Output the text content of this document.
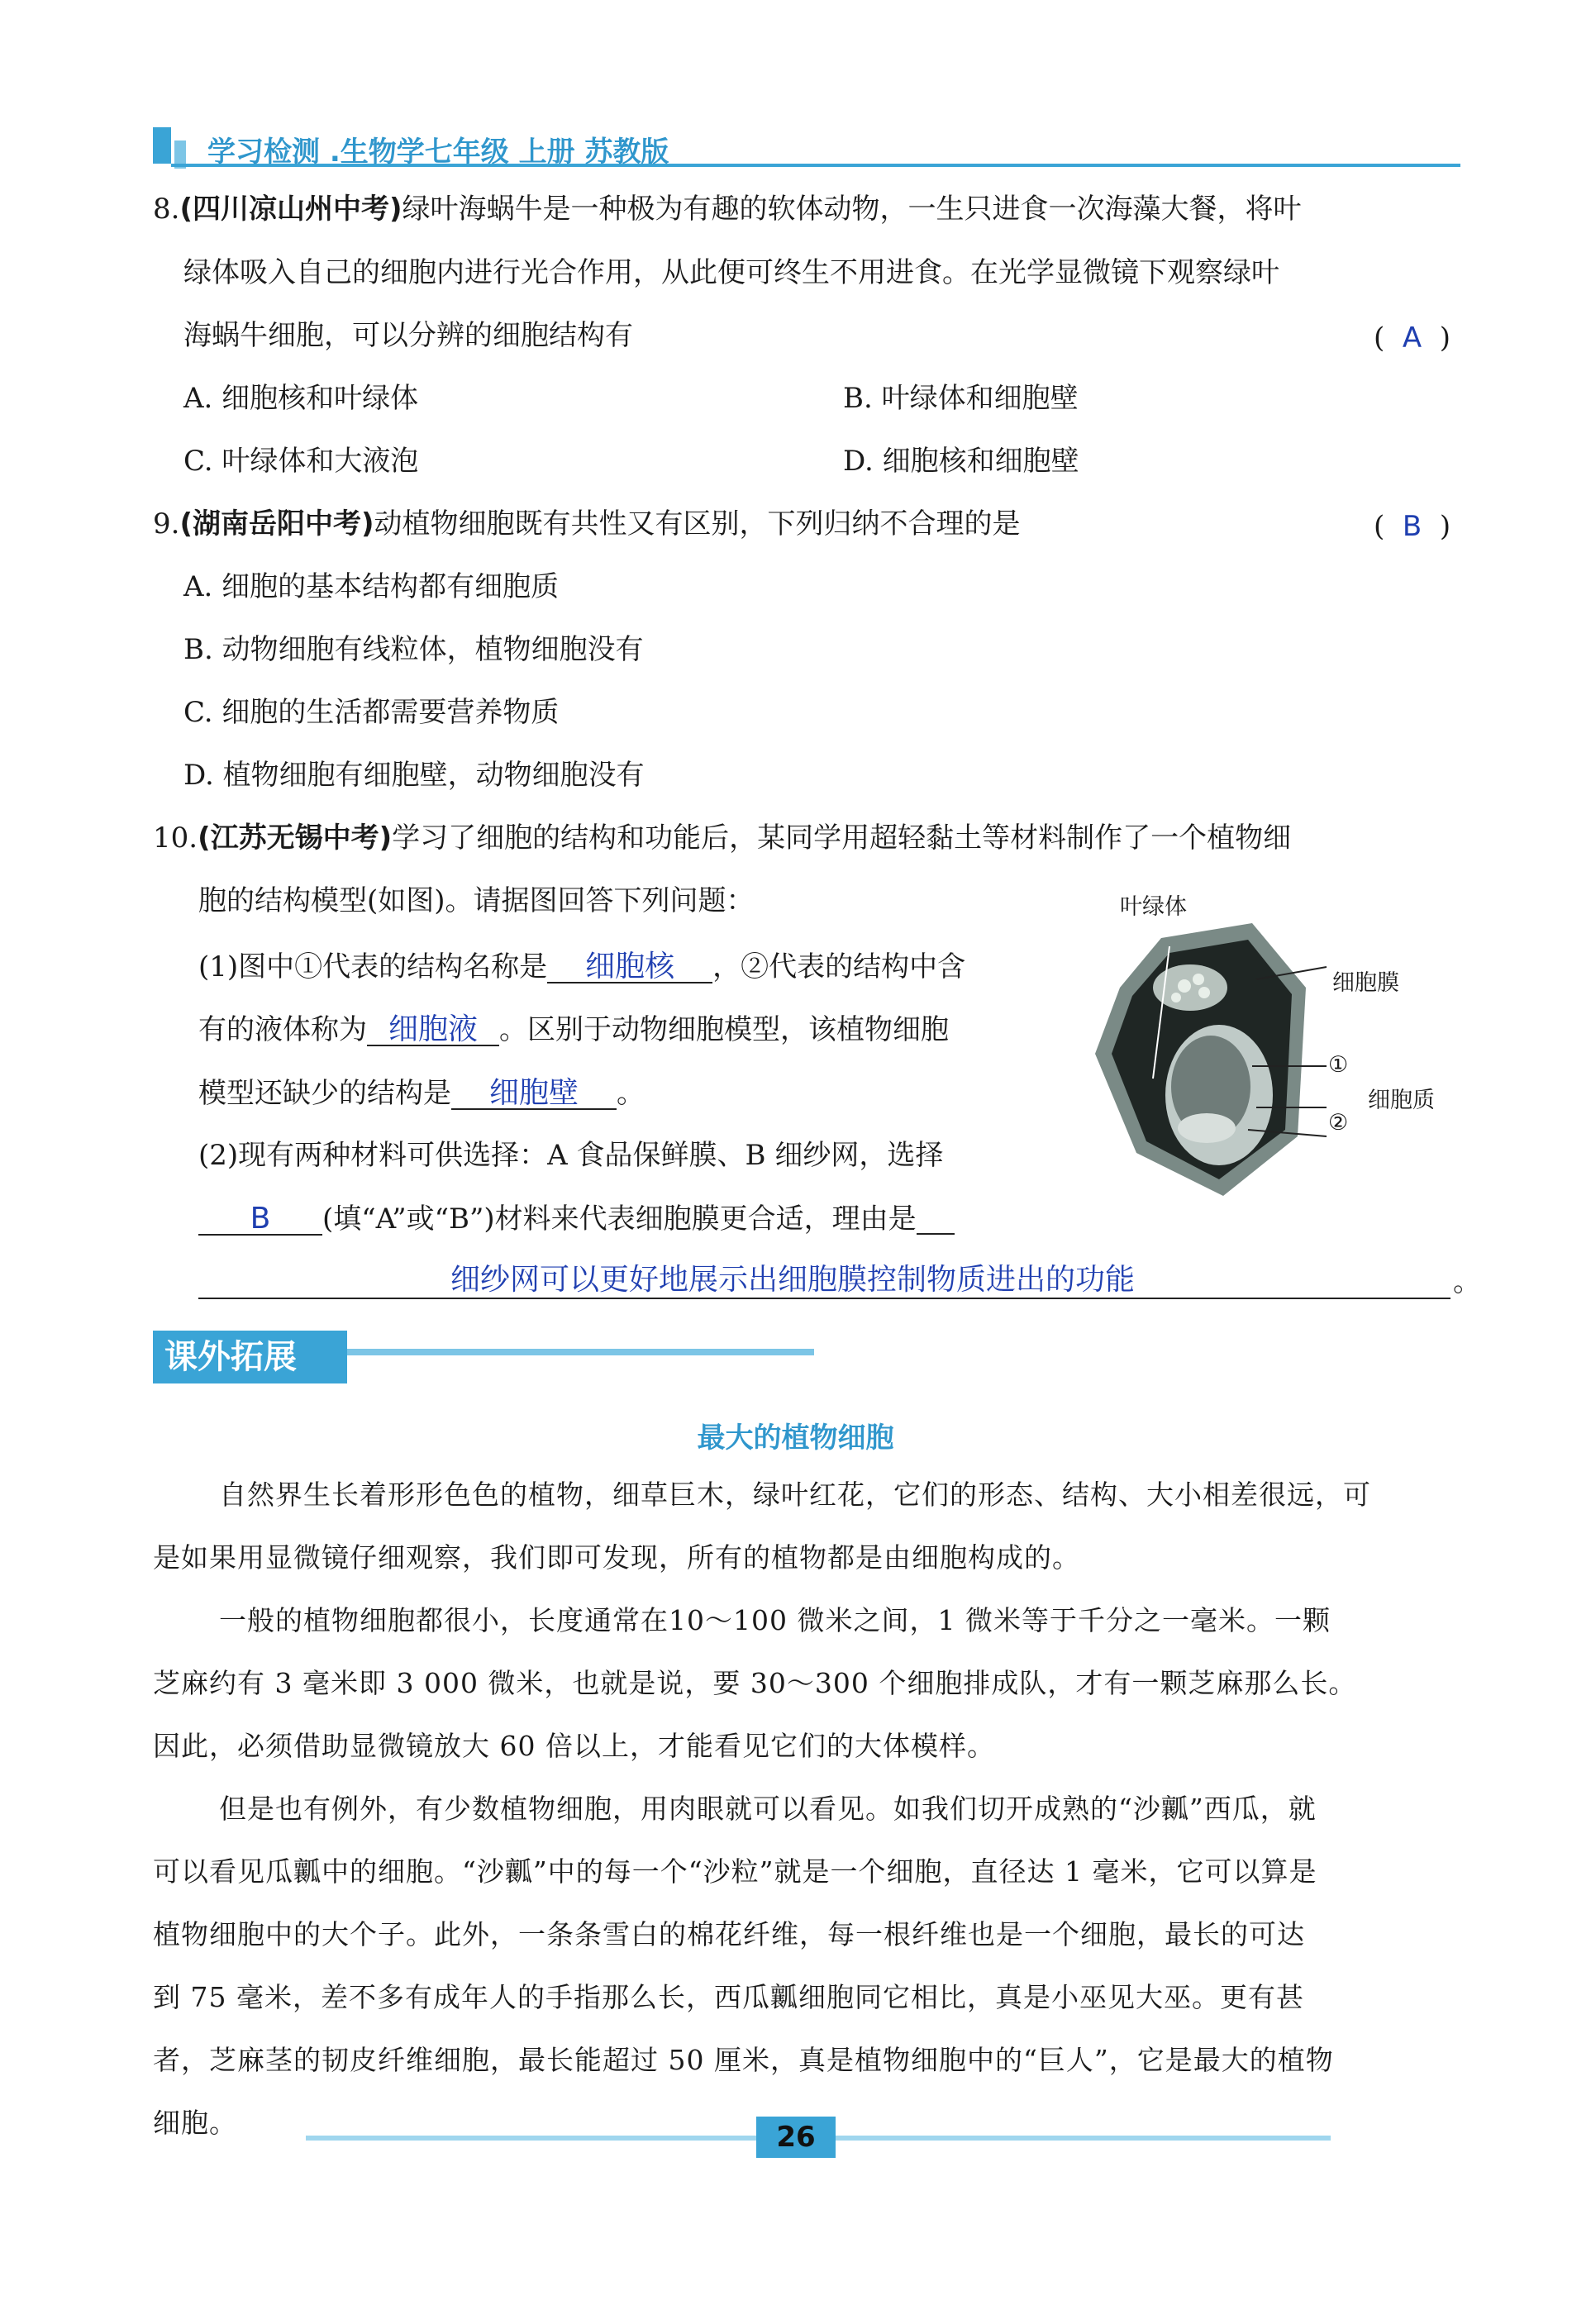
学习检测 .生物学七年级 上册 苏教版
8.(四川凉山州中考)绿叶海蜗牛是一种极为有趣的软体动物，一生只进食一次海藻大餐，将叶
绿体吸入自己的细胞内进行光合作用，从此便可终生不用进食。在光学显微镜下观察绿叶
海蜗牛细胞，可以分辨的细胞结构有	(  A  )
A. 细胞核和叶绿体	B. 叶绿体和细胞壁
C. 叶绿体和大液泡	D. 细胞核和细胞壁
9.(湖南岳阳中考)动植物细胞既有共性又有区别，下列归纳不合理的是	(  B  )
A. 细胞的基本结构都有细胞质
B. 动物细胞有线粒体，植物细胞没有
C. 细胞的生活都需要营养物质
D. 植物细胞有细胞壁，动物细胞没有
10.(江苏无锡中考)学习了细胞的结构和功能后，某同学用超轻黏土等材料制作了一个植物细
胞的结构模型(如图)。请据图回答下列问题：
(1)图中①代表的结构名称是 细胞核 ，②代表的结构中含
有的液体称为 细胞液 。区别于动物细胞模型，该植物细胞
模型还缺少的结构是 细胞壁 。
(2)现有两种材料可供选择：A 食品保鲜膜、B 细纱网，选择
B (填“A”或“B”)材料来代表细胞膜更合适，理由是
细纱网可以更好地展示出细胞膜控制物质进出的功能	。
叶绿体
细胞膜
①
细胞质
②
课外拓展
最大的植物细胞
自然界生长着形形色色的植物，细草巨木，绿叶红花，它们的形态、结构、大小相差很远，可
是如果用显微镜仔细观察，我们即可发现，所有的植物都是由细胞构成的。
一般的植物细胞都很小，长度通常在10～100 微米之间，1 微米等于千分之一毫米。一颗
芝麻约有 3 毫米即 3 000 微米，也就是说，要 30～300 个细胞排成队，才有一颗芝麻那么长。
因此，必须借助显微镜放大 60 倍以上，才能看见它们的大体模样。
但是也有例外，有少数植物细胞，用肉眼就可以看见。如我们切开成熟的“沙瓤”西瓜，就
可以看见瓜瓤中的细胞。“沙瓤”中的每一个“沙粒”就是一个细胞，直径达 1 毫米，它可以算是
植物细胞中的大个子。此外，一条条雪白的棉花纤维，每一根纤维也是一个细胞，最长的可达
到 75 毫米，差不多有成年人的手指那么长，西瓜瓤细胞同它相比，真是小巫见大巫。更有甚
者，芝麻茎的韧皮纤维细胞，最长能超过 50 厘米，真是植物细胞中的“巨人”，它是最大的植物
细胞。	26
